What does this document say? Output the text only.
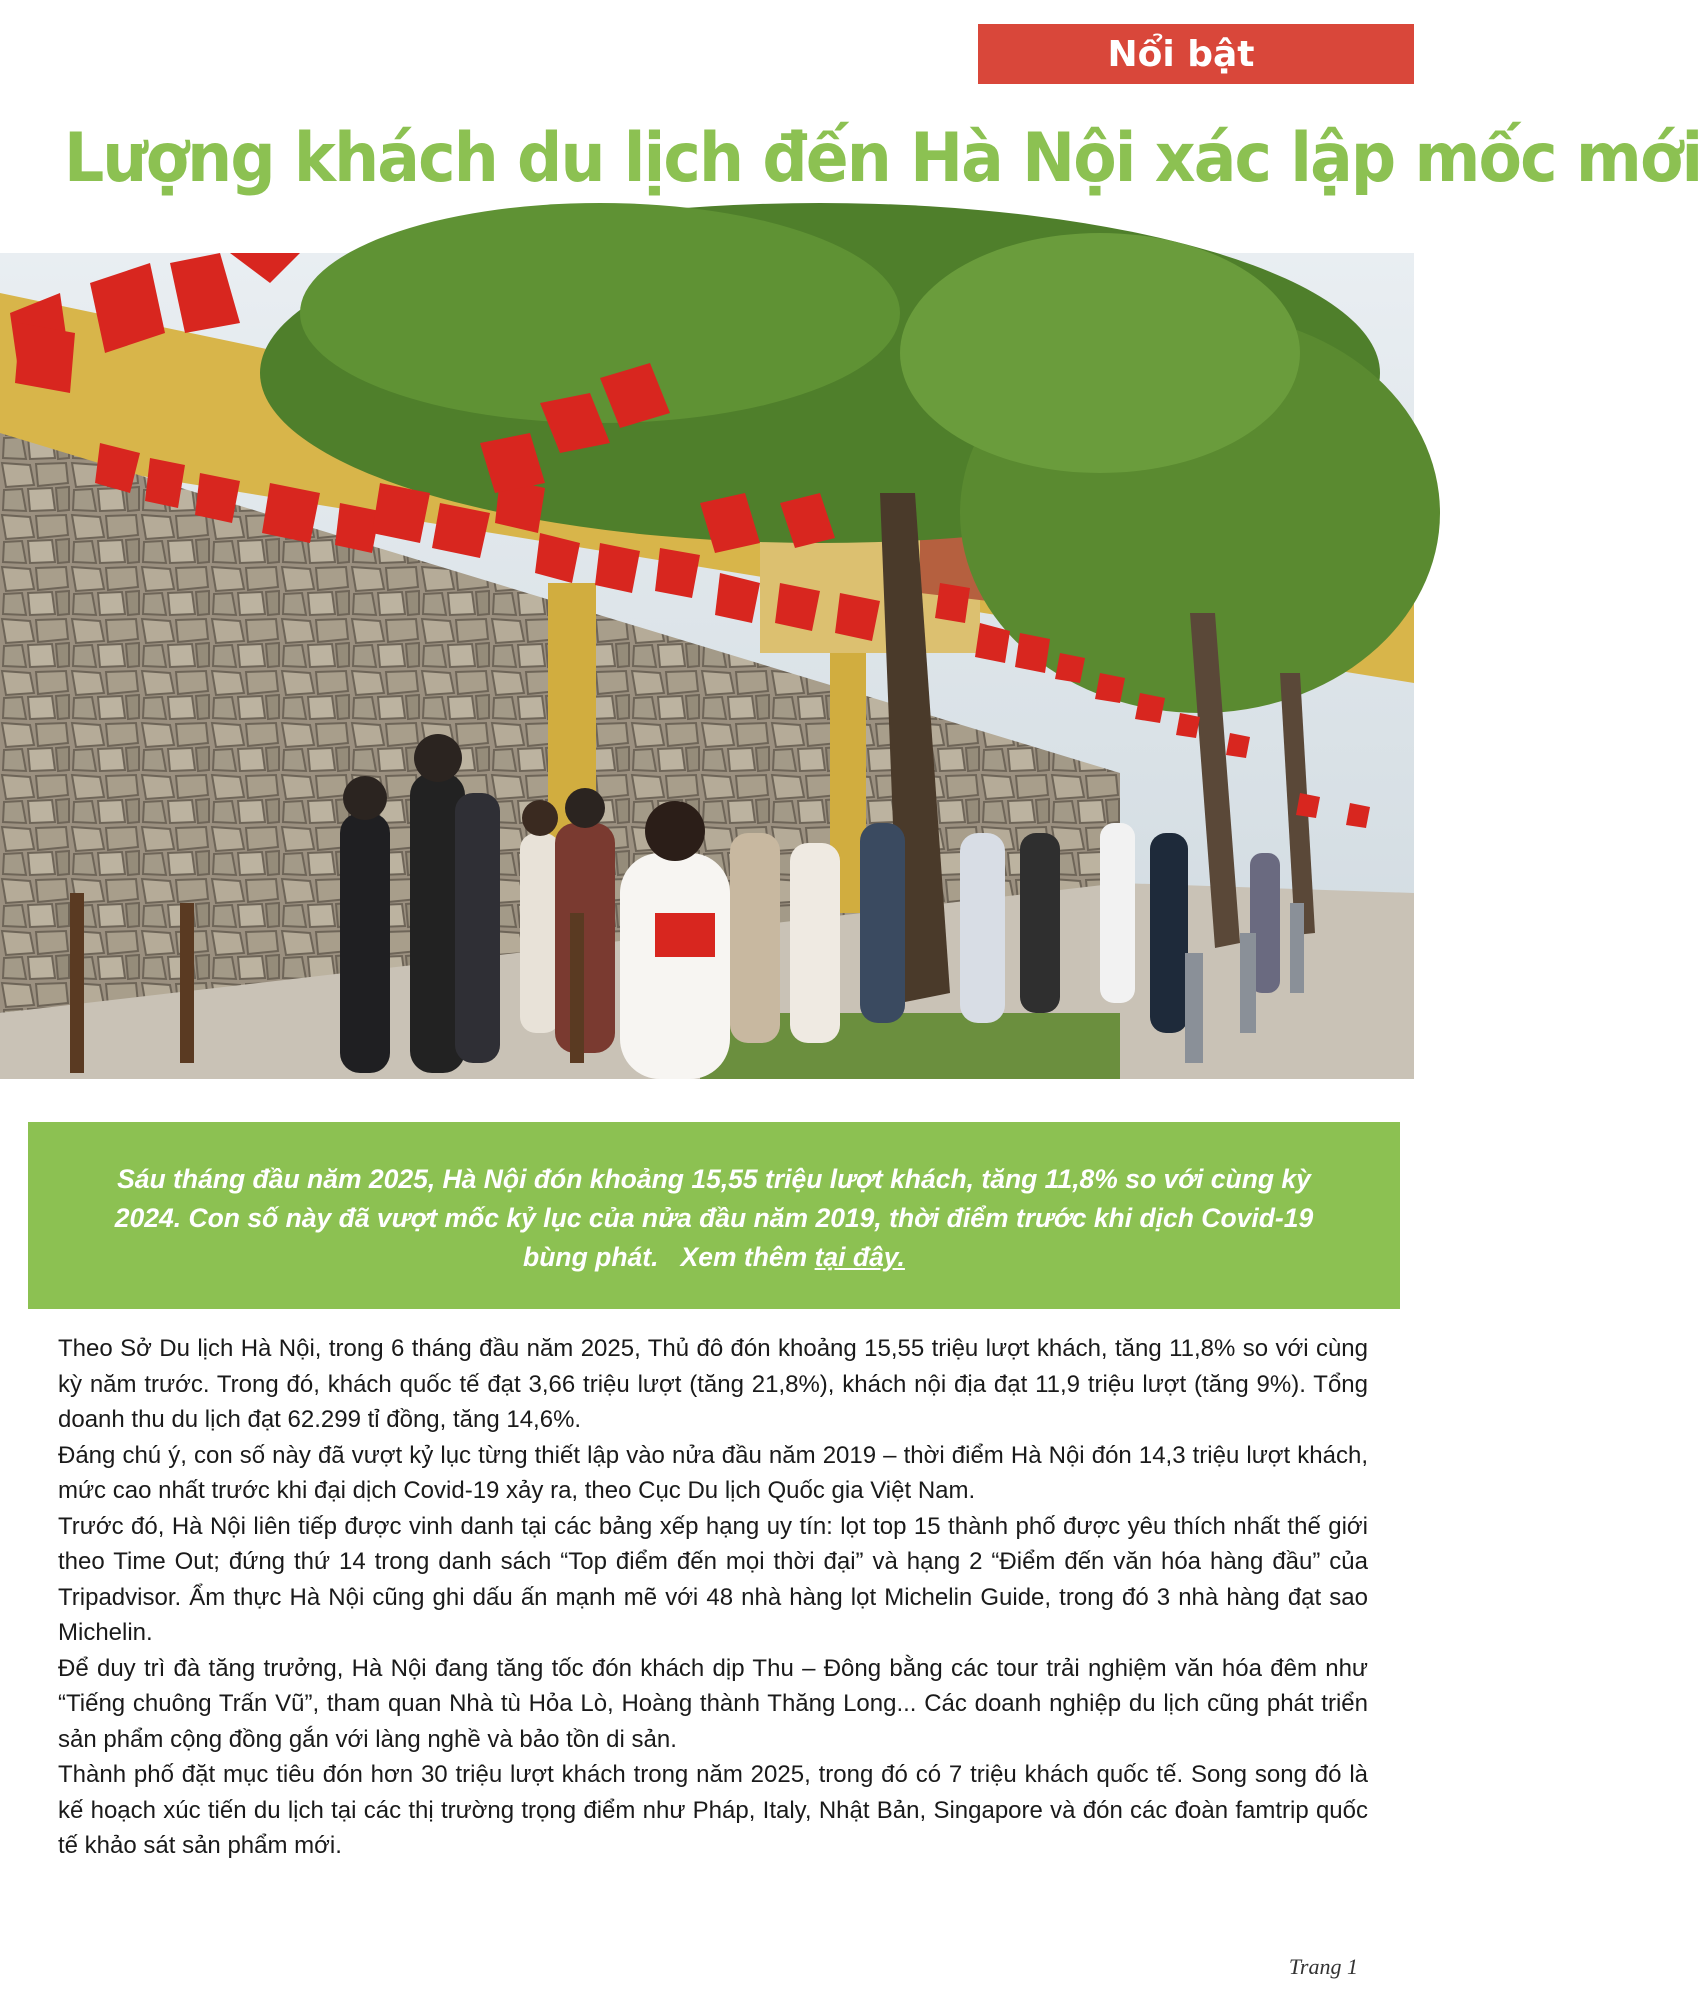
Nổi bật
Lượng khách du lịch đến Hà Nội xác lập mốc mới
Sáu tháng đầu năm 2025, Hà Nội đón khoảng 15,55 triệu lượt khách, tăng 11,8% so với cùng kỳ 2024. Con số này đã vượt mốc kỷ lục của nửa đầu năm 2019, thời điểm trước khi dịch Covid-19 bùng phát. Xem thêm tại đây.

Theo Sở Du lịch Hà Nội, trong 6 tháng đầu năm 2025, Thủ đô đón khoảng 15,55 triệu lượt khách, tăng 11,8% so với cùng kỳ năm trước. Trong đó, khách quốc tế đạt 3,66 triệu lượt (tăng 21,8%), khách nội địa đạt 11,9 triệu lượt (tăng 9%). Tổng doanh thu du lịch đạt 62.299 tỉ đồng, tăng 14,6%.

Đáng chú ý, con số này đã vượt kỷ lục từng thiết lập vào nửa đầu năm 2019 – thời điểm Hà Nội đón 14,3 triệu lượt khách, mức cao nhất trước khi đại dịch Covid-19 xảy ra, theo Cục Du lịch Quốc gia Việt Nam.

Trước đó, Hà Nội liên tiếp được vinh danh tại các bảng xếp hạng uy tín: lọt top 15 thành phố được yêu thích nhất thế giới theo Time Out; đứng thứ 14 trong danh sách “Top điểm đến mọi thời đại” và hạng 2 “Điểm đến văn hóa hàng đầu” của Tripadvisor. Ẩm thực Hà Nội cũng ghi dấu ấn mạnh mẽ với 48 nhà hàng lọt Michelin Guide, trong đó 3 nhà hàng đạt sao Michelin.

Để duy trì đà tăng trưởng, Hà Nội đang tăng tốc đón khách dịp Thu – Đông bằng các tour trải nghiệm văn hóa đêm như “Tiếng chuông Trấn Vũ”, tham quan Nhà tù Hỏa Lò, Hoàng thành Thăng Long... Các doanh nghiệp du lịch cũng phát triển sản phẩm cộng đồng gắn với làng nghề và bảo tồn di sản.

Thành phố đặt mục tiêu đón hơn 30 triệu lượt khách trong năm 2025, trong đó có 7 triệu khách quốc tế. Song song đó là kế hoạch xúc tiến du lịch tại các thị trường trọng điểm như Pháp, Italy, Nhật Bản, Singapore và đón các đoàn famtrip quốc tế khảo sát sản phẩm mới.

Trang 1
